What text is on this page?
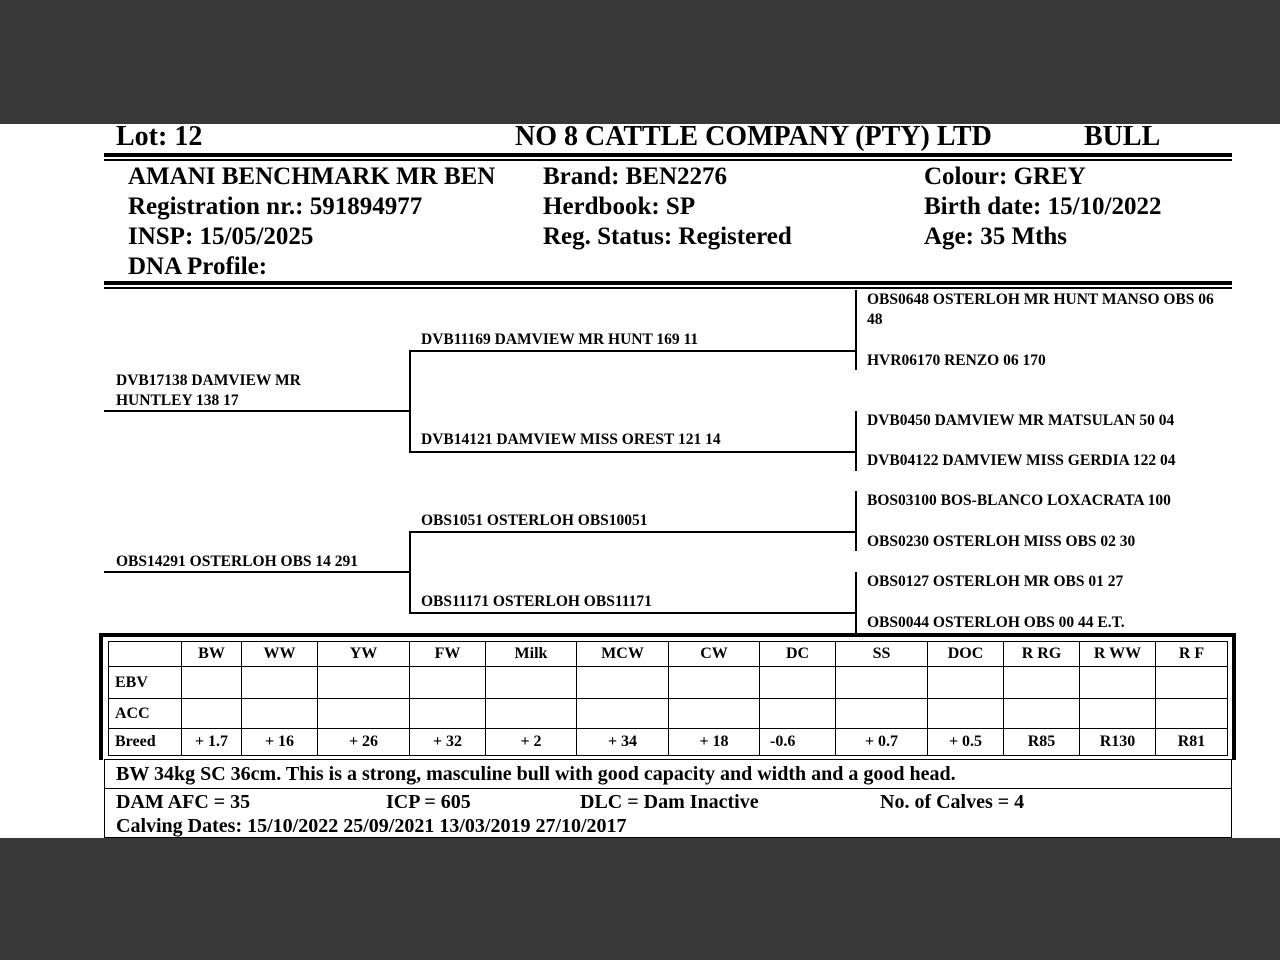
Lot: 12	NO 8 CATTLE COMPANY (PTY) LTD	BULL
AMANI BENCHMARK MR BEN
Registration nr.: 591894977
INSP: 15/05/2025
DNA Profile:
Brand: BEN2276
Herdbook: SP
Reg. Status: Registered
Colour: GREY
Birth date: 15/10/2022
Age: 35 Mths
DVB17138 DAMVIEW MR HUNTLEY 138 17
OBS14291 OSTERLOH OBS 14 291
DVB11169 DAMVIEW MR HUNT 169 11
DVB14121 DAMVIEW MISS OREST 121 14
OBS1051 OSTERLOH OBS10051
OBS11171 OSTERLOH OBS11171
OBS0648 OSTERLOH MR HUNT MANSO OBS 06 48
HVR06170 RENZO 06 170
DVB0450 DAMVIEW MR MATSULAN 50 04
DVB04122 DAMVIEW MISS GERDIA 122 04
BOS03100 BOS-BLANCO LOXACRATA 100
OBS0230 OSTERLOH MISS OBS 02 30
OBS0127 OSTERLOH MR OBS 01 27
OBS0044 OSTERLOH OBS 00 44 E.T.
	BW	WW	YW	FW	Milk	MCW	CW	DC	SS	DOC	R RG	R WW	R F
EBV													
ACC													
Breed	+ 1.7	+ 16	+ 26	+ 32	+ 2	+ 34	+ 18	-0.6	+ 0.7	+ 0.5	R85	R130	R81
BW 34kg SC 36cm. This is a strong, masculine bull with good capacity and width and a good head.
DAM AFC = 35	ICP = 605	DLC = Dam Inactive	No. of Calves = 4
Calving Dates: 15/10/2022 25/09/2021 13/03/2019 27/10/2017
